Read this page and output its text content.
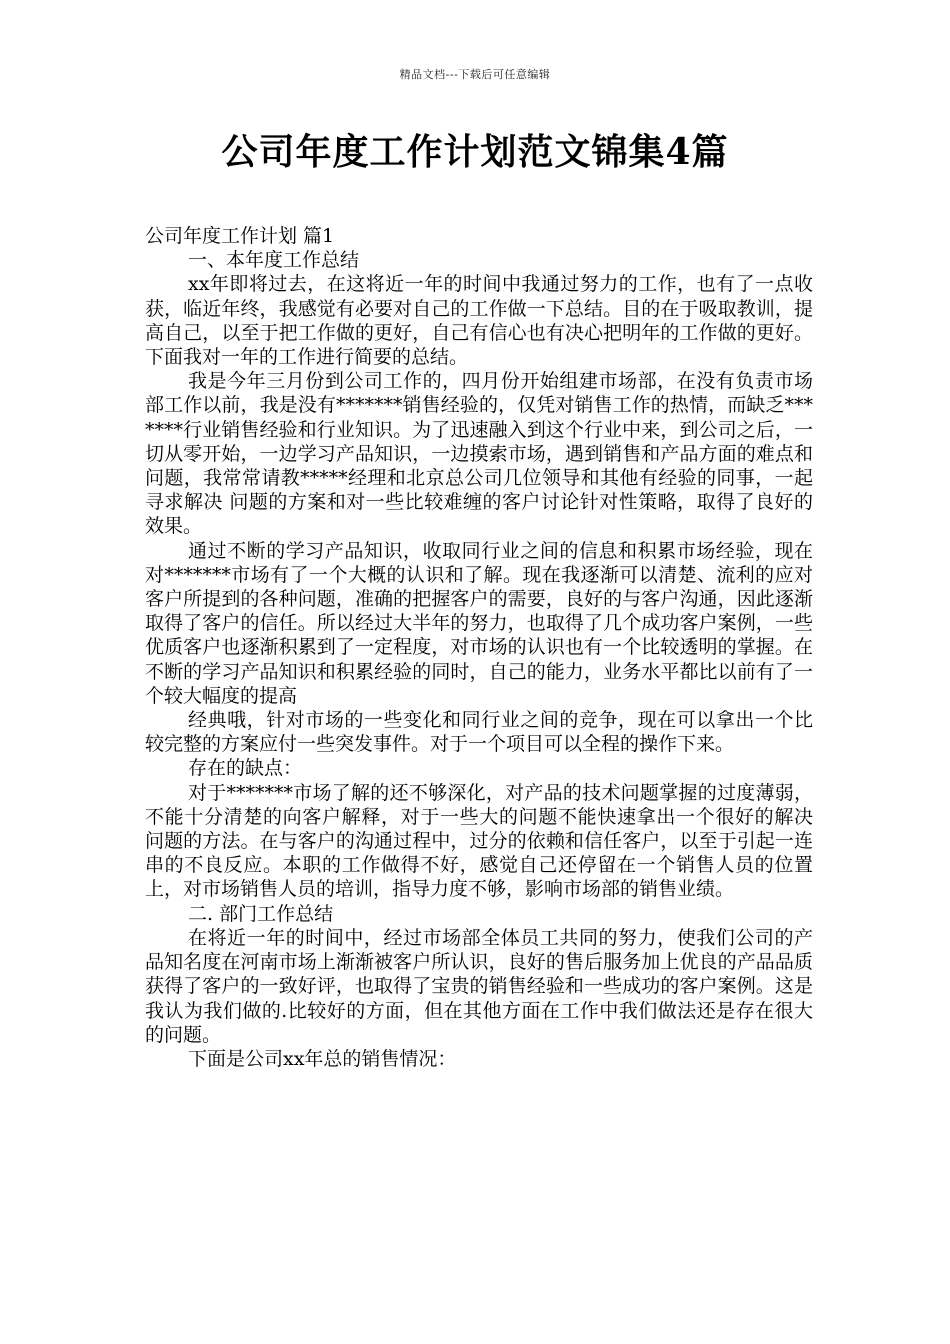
精品文档---下载后可任意编辑
公司年度工作计划范文锦集4篇

公司年度工作计划 篇1

一、本年度工作总结

xx年即将过去，在这将近一年的时间中我通过努力的工作，也有了一点收获，临近年终，我感觉有必要对自己的工作做一下总结。目的在于吸取教训，提高自己，以至于把工作做的更好，自己有信心也有决心把明年的工作做的更好。下面我对一年的工作进行简要的总结。

我是今年三月份到公司工作的，四月份开始组建市场部，在没有负责市场部工作以前，我是没有*******销售经验的，仅凭对销售工作的热情，而缺乏*******行业销售经验和行业知识。为了迅速融入到这个行业中来，到公司之后，一切从零开始，一边学习产品知识，一边摸索市场，遇到销售和产品方面的难点和问题，我常常请教*****经理和北京总公司几位领导和其他有经验的同事，一起寻求解决 问题的方案和对一些比较难缠的客户讨论针对性策略，取得了良好的效果。

通过不断的学习产品知识，收取同行业之间的信息和积累市场经验，现在对*******市场有了一个大概的认识和了解。现在我逐渐可以清楚、流利的应对客户所提到的各种问题，准确的把握客户的需要，良好的与客户沟通，因此逐渐取得了客户的信任。所以经过大半年的努力，也取得了几个成功客户案例，一些优质客户也逐渐积累到了一定程度，对市场的认识也有一个比较透明的掌握。在不断的学习产品知识和积累经验的同时，自己的能力，业务水平都比以前有了一个较大幅度的提高

经典哦，针对市场的一些变化和同行业之间的竞争，现在可以拿出一个比较完整的方案应付一些突发事件。对于一个项目可以全程的操作下来。

存在的缺点：

对于*******市场了解的还不够深化，对产品的技术问题掌握的过度薄弱，不能十分清楚的向客户解释，对于一些大的问题不能快速拿出一个很好的解决 问题的方法。在与客户的沟通过程中，过分的依赖和信任客户，以至于引起一连串的不良反应。本职的工作做得不好，感觉自己还停留在一个销售人员的位置上，对市场销售人员的培训，指导力度不够，影响市场部的销售业绩。

二. 部门工作总结

在将近一年的时间中，经过市场部全体员工共同的努力，使我们公司的产品知名度在河南市场上渐渐被客户所认识，良好的售后服务加上优良的产品品质获得了客户的一致好评，也取得了宝贵的销售经验和一些成功的客户案例。这是我认为我们做的.比较好的方面，但在其他方面在工作中我们做法还是存在很大的问题。

下面是公司xx年总的销售情况：
